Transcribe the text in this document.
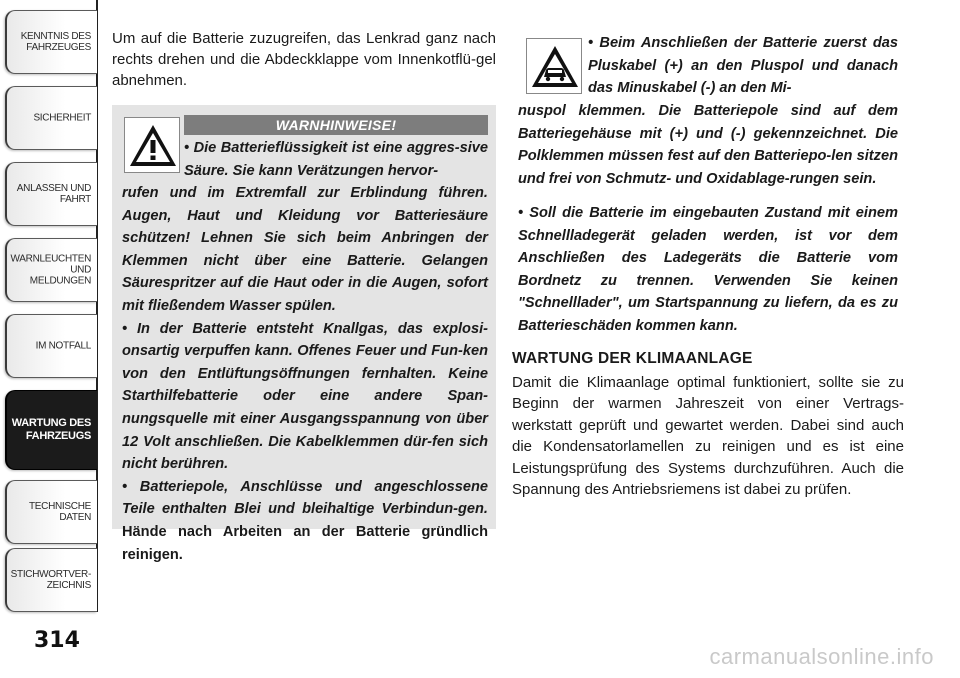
KENNTNIS DES FAHRZEUGES
SICHERHEIT
ANLASSEN UND FAHRT
WARNLEUCHTEN UND MELDUNGEN
IM NOTFALL
WARTUNG DES FAHRZEUGS
TECHNISCHE DATEN
STICHWORTVER-ZEICHNIS
314

Um auf die Batterie zuzugreifen, das Lenkrad ganz nach rechts drehen und die Abdeckklappe vom Innenkotflü-gel abnehmen.

WARNHINWEISE!

• Die Batterieflüssigkeit ist eine aggres-sive Säure. Sie kann Verätzungen hervor-

rufen und im Extremfall zur Erblindung führen. Augen, Haut und Kleidung vor Batteriesäure schützen! Lehnen Sie sich beim Anbringen der Klemmen nicht über eine Batterie. Gelangen Säurespritzer auf die Haut oder in die Augen, sofort mit fließendem Wasser spülen.
• In der Batterie entsteht Knallgas, das explosi-onsartig verpuffen kann. Offenes Feuer und Fun-ken von den Entlüftungsöffnungen fernhalten. Keine Starthilfebatterie oder eine andere Span-nungsquelle mit einer Ausgangsspannung von über 12 Volt anschließen. Die Kabelklemmen dür-fen sich nicht berühren.
• Batteriepole, Anschlüsse und angeschlossene Teile enthalten Blei und bleihaltige Verbindun-gen. Hände nach Arbeiten an der Batterie gründlich reinigen.

• Beim Anschließen der Batterie zuerst das Pluskabel (+) an den Pluspol und danach das Minuskabel (-) an den Mi-

nuspol klemmen. Die Batteriepole sind auf dem Batteriegehäuse mit (+) und (-) gekennzeichnet. Die Polklemmen müssen fest auf den Batteriepo-len sitzen und frei von Schmutz- und Oxidablage-rungen sein.

• Soll die Batterie im eingebauten Zustand mit einem Schnellladegerät geladen werden, ist vor dem Anschließen des Ladegeräts die Batterie vom Bordnetz zu trennen. Verwenden Sie keinen "Schnelllader", um Startspannung zu liefern, da es zu Batterieschäden kommen kann.

WARTUNG DER KLIMAANLAGE

Damit die Klimaanlage optimal funktioniert, sollte sie zu Beginn der warmen Jahreszeit von einer Vertrags-werkstatt geprüft und gewartet werden. Dabei sind auch die Kondensatorlamellen zu reinigen und es ist eine Leistungsprüfung des Systems durchzuführen. Auch die Spannung des Antriebsriemens ist dabei zu prüfen.

carmanualsonline.info
